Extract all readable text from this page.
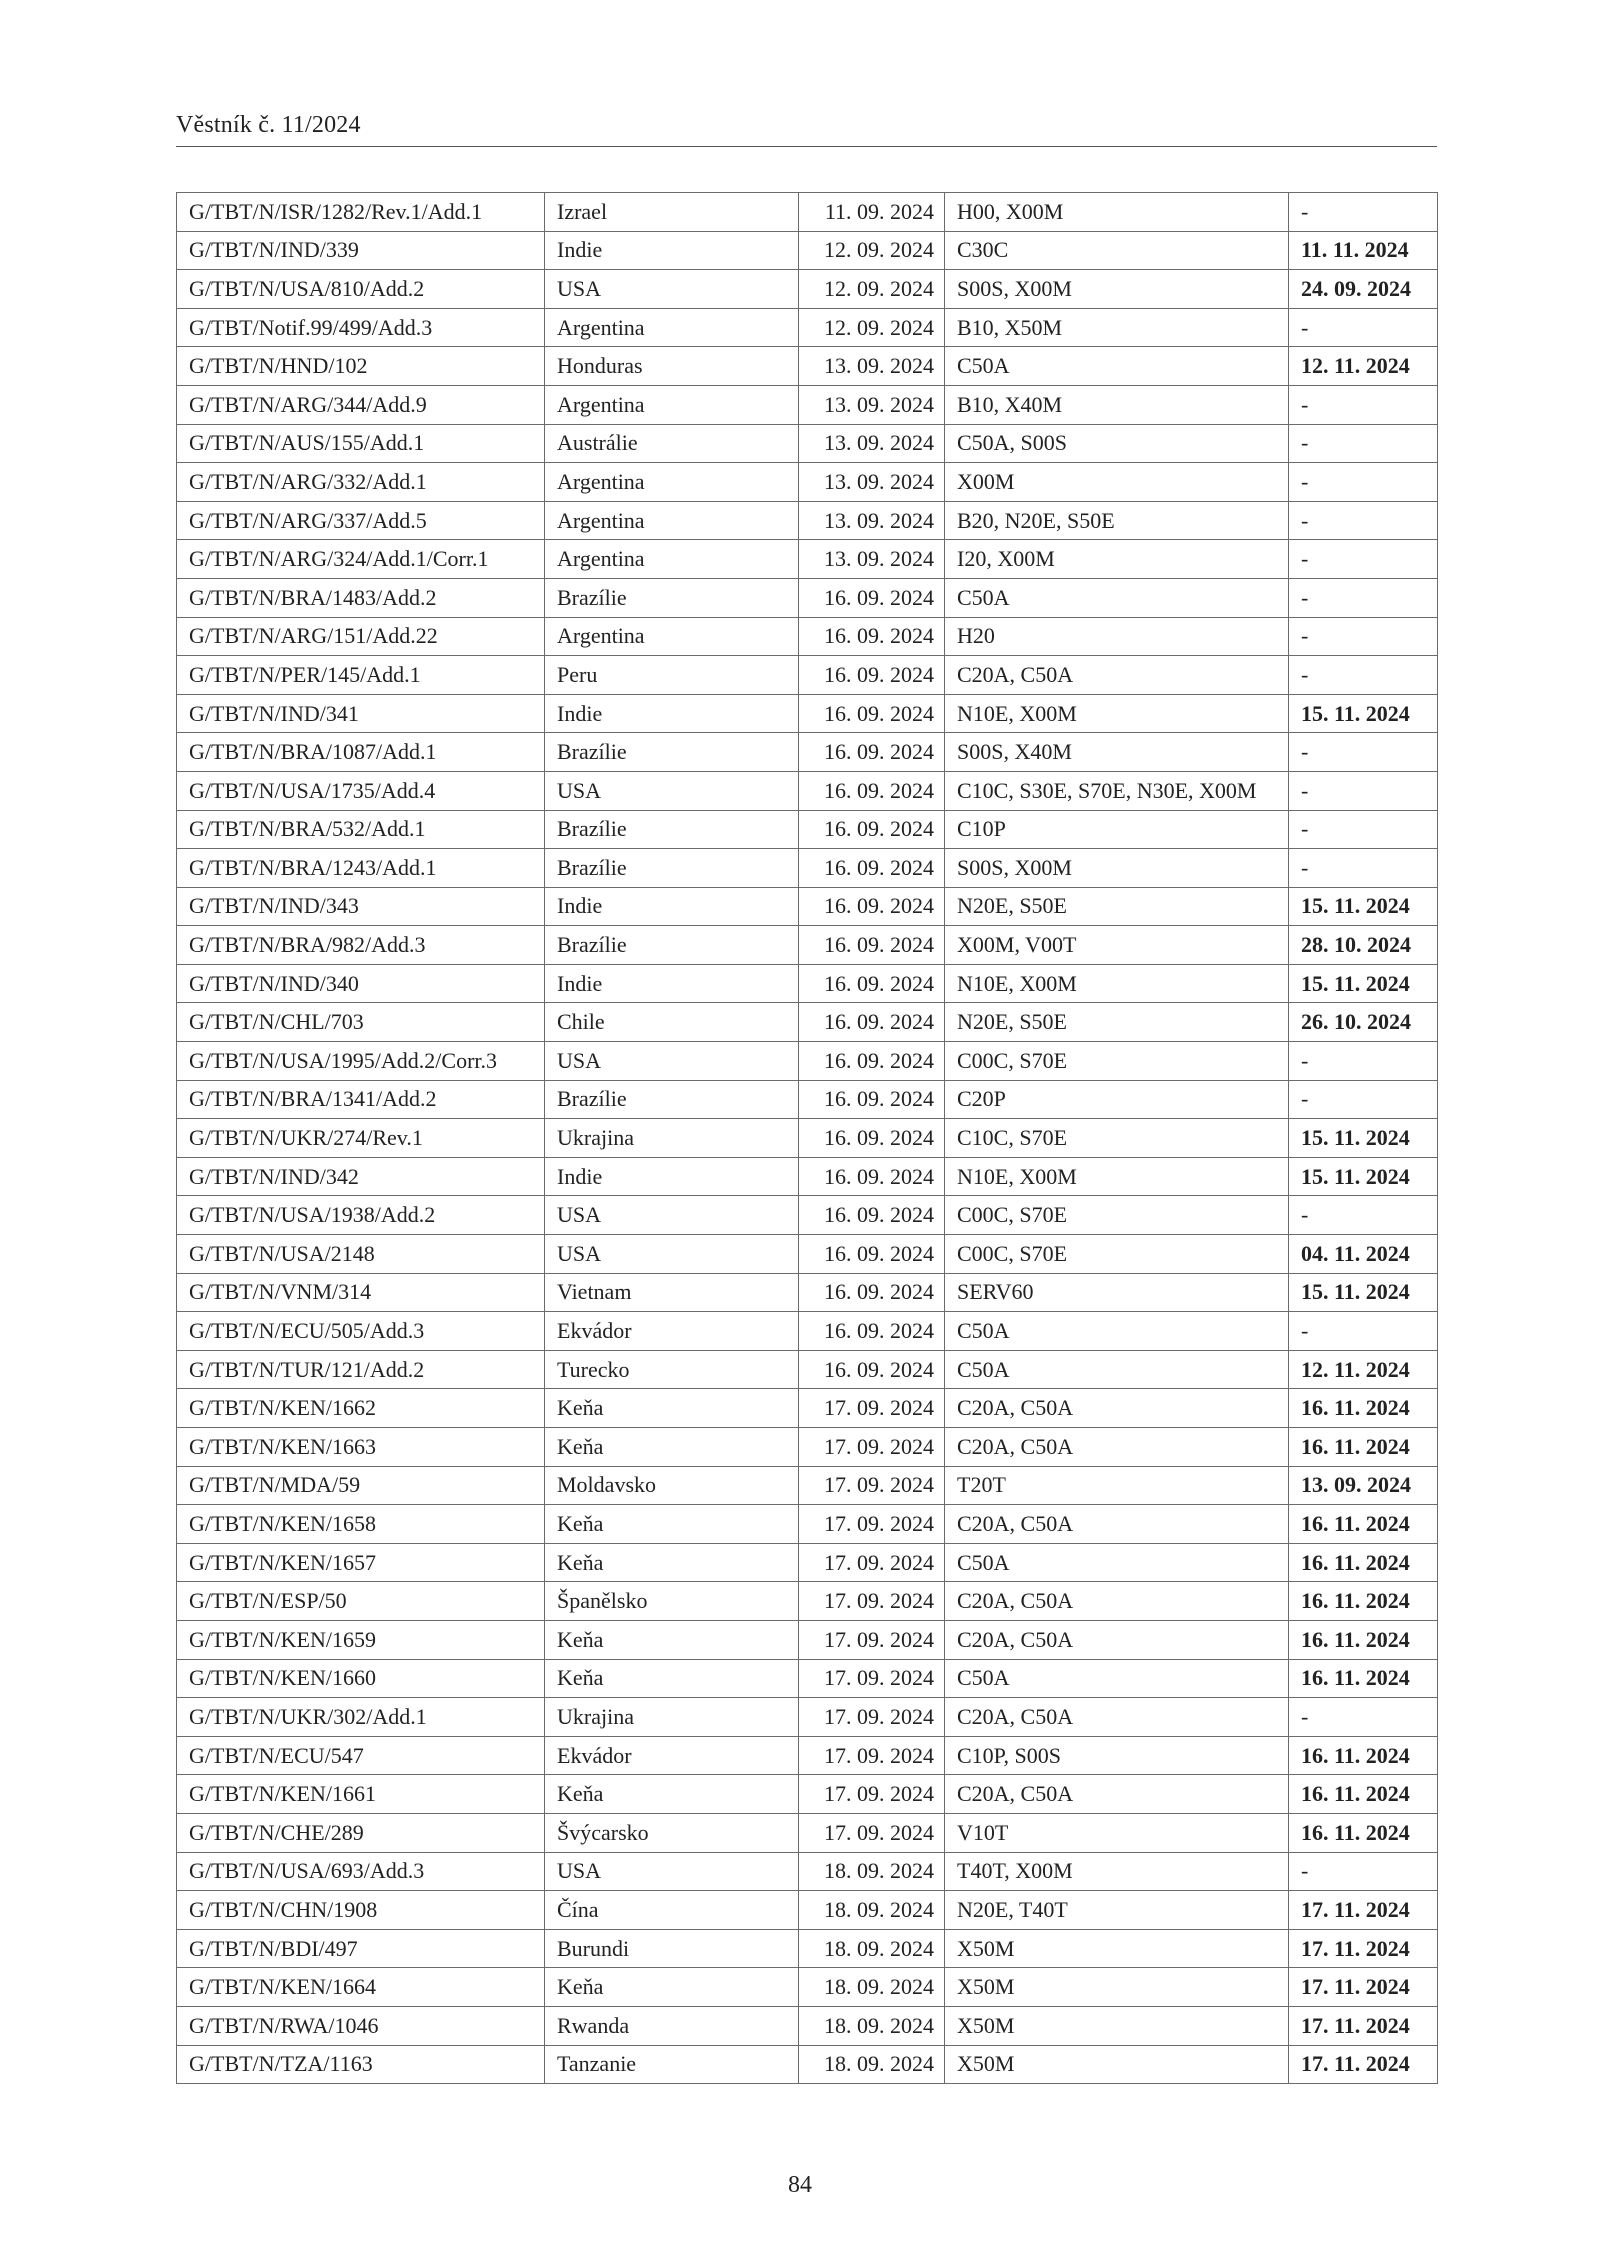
Věstník č. 11/2024
G/TBT/N/ISR/1282/Rev.1/Add.1	Izrael	11. 09. 2024	H00, X00M	-
G/TBT/N/IND/339	Indie	12. 09. 2024	C30C	11. 11. 2024
G/TBT/N/USA/810/Add.2	USA	12. 09. 2024	S00S, X00M	24. 09. 2024
G/TBT/Notif.99/499/Add.3	Argentina	12. 09. 2024	B10, X50M	-
G/TBT/N/HND/102	Honduras	13. 09. 2024	C50A	12. 11. 2024
G/TBT/N/ARG/344/Add.9	Argentina	13. 09. 2024	B10, X40M	-
G/TBT/N/AUS/155/Add.1	Austrálie	13. 09. 2024	C50A, S00S	-
G/TBT/N/ARG/332/Add.1	Argentina	13. 09. 2024	X00M	-
G/TBT/N/ARG/337/Add.5	Argentina	13. 09. 2024	B20, N20E, S50E	-
G/TBT/N/ARG/324/Add.1/Corr.1	Argentina	13. 09. 2024	I20, X00M	-
G/TBT/N/BRA/1483/Add.2	Brazílie	16. 09. 2024	C50A	-
G/TBT/N/ARG/151/Add.22	Argentina	16. 09. 2024	H20	-
G/TBT/N/PER/145/Add.1	Peru	16. 09. 2024	C20A, C50A	-
G/TBT/N/IND/341	Indie	16. 09. 2024	N10E, X00M	15. 11. 2024
G/TBT/N/BRA/1087/Add.1	Brazílie	16. 09. 2024	S00S, X40M	-
G/TBT/N/USA/1735/Add.4	USA	16. 09. 2024	C10C, S30E, S70E, N30E, X00M	-
G/TBT/N/BRA/532/Add.1	Brazílie	16. 09. 2024	C10P	-
G/TBT/N/BRA/1243/Add.1	Brazílie	16. 09. 2024	S00S, X00M	-
G/TBT/N/IND/343	Indie	16. 09. 2024	N20E, S50E	15. 11. 2024
G/TBT/N/BRA/982/Add.3	Brazílie	16. 09. 2024	X00M, V00T	28. 10. 2024
G/TBT/N/IND/340	Indie	16. 09. 2024	N10E, X00M	15. 11. 2024
G/TBT/N/CHL/703	Chile	16. 09. 2024	N20E, S50E	26. 10. 2024
G/TBT/N/USA/1995/Add.2/Corr.3	USA	16. 09. 2024	C00C, S70E	-
G/TBT/N/BRA/1341/Add.2	Brazílie	16. 09. 2024	C20P	-
G/TBT/N/UKR/274/Rev.1	Ukrajina	16. 09. 2024	C10C, S70E	15. 11. 2024
G/TBT/N/IND/342	Indie	16. 09. 2024	N10E, X00M	15. 11. 2024
G/TBT/N/USA/1938/Add.2	USA	16. 09. 2024	C00C, S70E	-
G/TBT/N/USA/2148	USA	16. 09. 2024	C00C, S70E	04. 11. 2024
G/TBT/N/VNM/314	Vietnam	16. 09. 2024	SERV60	15. 11. 2024
G/TBT/N/ECU/505/Add.3	Ekvádor	16. 09. 2024	C50A	-
G/TBT/N/TUR/121/Add.2	Turecko	16. 09. 2024	C50A	12. 11. 2024
G/TBT/N/KEN/1662	Keňa	17. 09. 2024	C20A, C50A	16. 11. 2024
G/TBT/N/KEN/1663	Keňa	17. 09. 2024	C20A, C50A	16. 11. 2024
G/TBT/N/MDA/59	Moldavsko	17. 09. 2024	T20T	13. 09. 2024
G/TBT/N/KEN/1658	Keňa	17. 09. 2024	C20A, C50A	16. 11. 2024
G/TBT/N/KEN/1657	Keňa	17. 09. 2024	C50A	16. 11. 2024
G/TBT/N/ESP/50	Španělsko	17. 09. 2024	C20A, C50A	16. 11. 2024
G/TBT/N/KEN/1659	Keňa	17. 09. 2024	C20A, C50A	16. 11. 2024
G/TBT/N/KEN/1660	Keňa	17. 09. 2024	C50A	16. 11. 2024
G/TBT/N/UKR/302/Add.1	Ukrajina	17. 09. 2024	C20A, C50A	-
G/TBT/N/ECU/547	Ekvádor	17. 09. 2024	C10P, S00S	16. 11. 2024
G/TBT/N/KEN/1661	Keňa	17. 09. 2024	C20A, C50A	16. 11. 2024
G/TBT/N/CHE/289	Švýcarsko	17. 09. 2024	V10T	16. 11. 2024
G/TBT/N/USA/693/Add.3	USA	18. 09. 2024	T40T, X00M	-
G/TBT/N/CHN/1908	Čína	18. 09. 2024	N20E, T40T	17. 11. 2024
G/TBT/N/BDI/497	Burundi	18. 09. 2024	X50M	17. 11. 2024
G/TBT/N/KEN/1664	Keňa	18. 09. 2024	X50M	17. 11. 2024
G/TBT/N/RWA/1046	Rwanda	18. 09. 2024	X50M	17. 11. 2024
G/TBT/N/TZA/1163	Tanzanie	18. 09. 2024	X50M	17. 11. 2024
84
